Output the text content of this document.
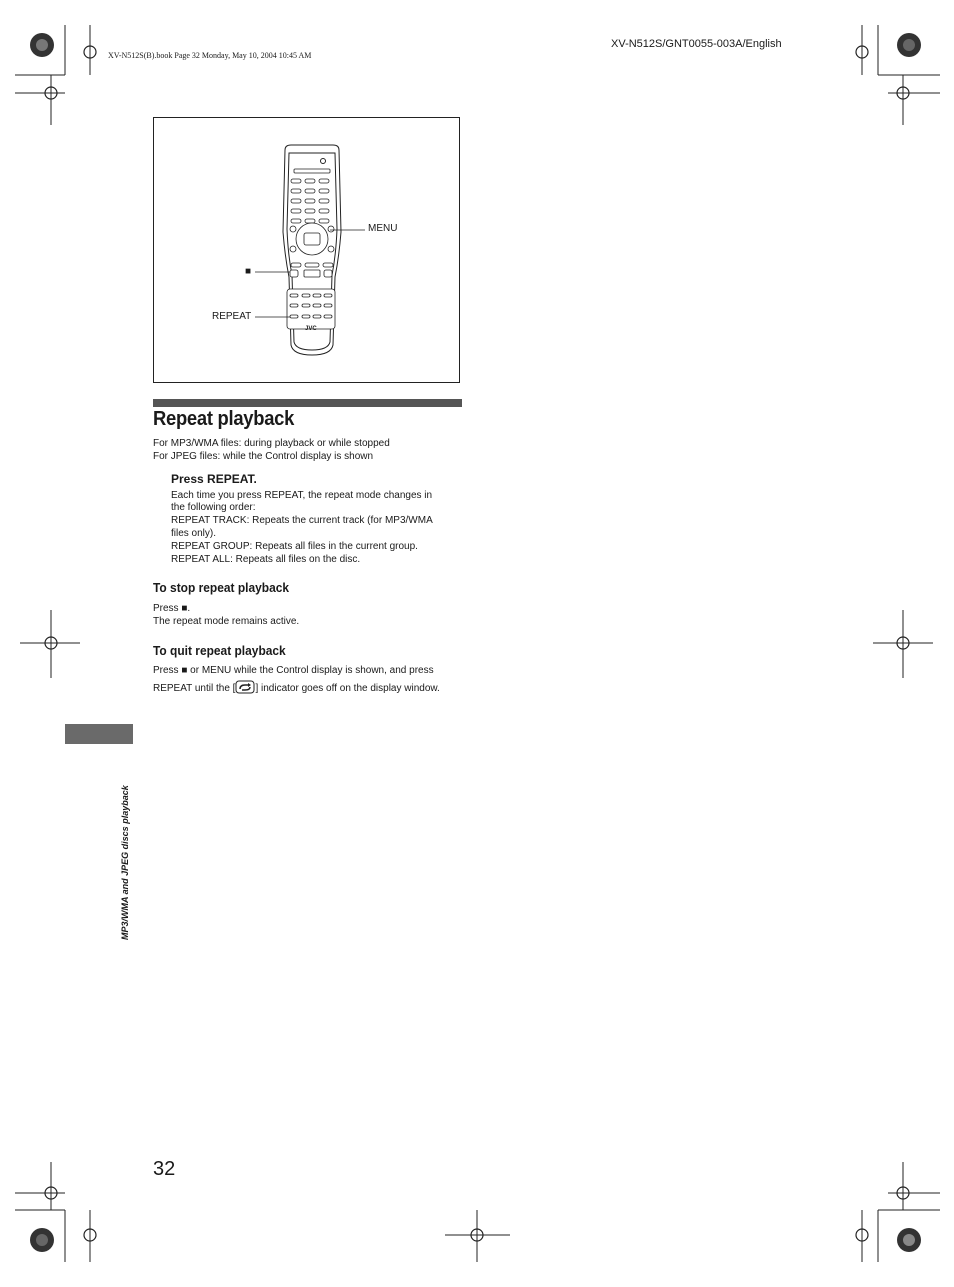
XV-N512S(B).book Page 32 Monday, May 10, 2004 10:45 AM
XV-N512S/GNT0055-003A/English
MENU
■
REPEAT
JVC
Repeat playback
For MP3/WMA files: during playback or while stopped
For JPEG files: while the Control display is shown
Press REPEAT.
Each time you press REPEAT, the repeat mode changes in
the following order:
REPEAT TRACK: Repeats the current track (for MP3/WMA
files only).
REPEAT GROUP: Repeats all files in the current group.
REPEAT ALL: Repeats all files on the disc.
To stop repeat playback
Press ■.
The repeat mode remains active.
To quit repeat playback
Press ■ or MENU while the Control display is shown, and press
REPEAT until the [ ] indicator goes off on the display window.
MP3/WMA and JPEG discs playback
32
